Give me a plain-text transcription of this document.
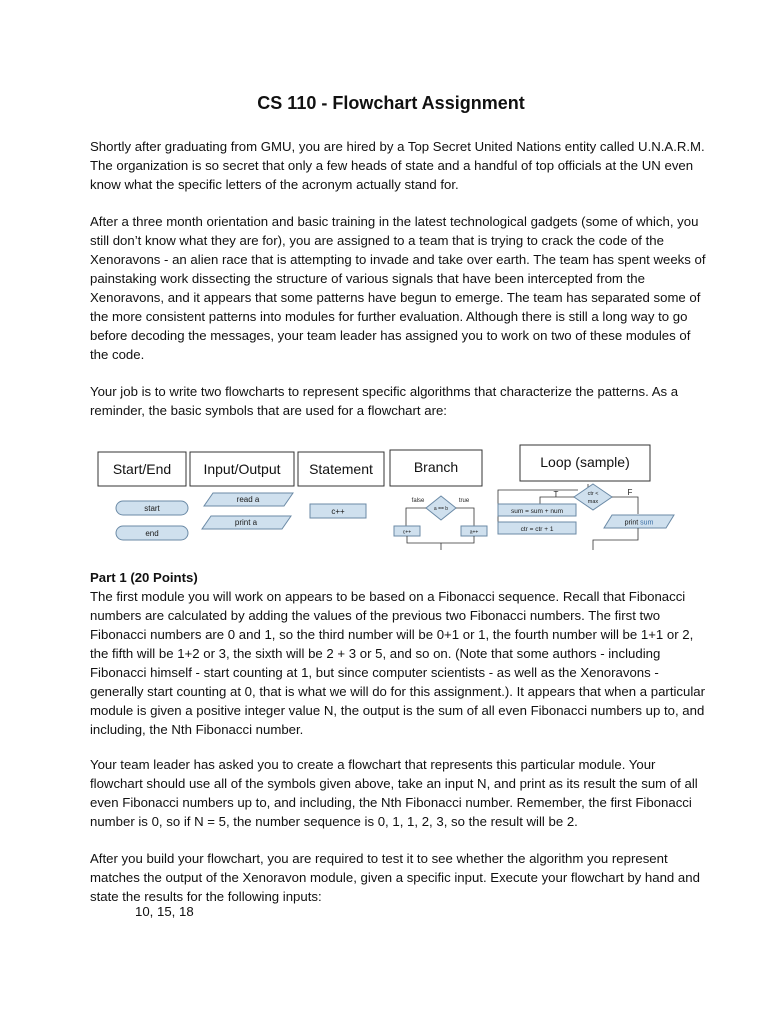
CS 110 - Flowchart Assignment

Shortly after graduating from GMU, you are hired by a Top Secret United Nations entity called U.N.A.R.M. The organization is so secret that only a few heads of state and a handful of top officials at the UN even know what the specific letters of the acronym actually stand for.

After a three month orientation and basic training in the latest technological gadgets (some of which, you still don’t know what they are for), you are assigned to a team that is trying to crack the code of the Xenoravons - an alien race that is attempting to invade and take over earth. The team has spent weeks of painstaking work dissecting the structure of various signals that have been intercepted from the Xenoravons, and it appears that some patterns have begun to emerge. The team has separated some of the more consistent patterns into modules for further evaluation. Although there is still a long way to go before decoding the messages, your team leader has assigned you to work on two of these modules of the code.

Your job is to write two flowcharts to represent specific algorithms that characterize the patterns. As a reminder, the basic symbols that are used for a flowchart are:

Start/End Input/Output Statement	Branch	Loop (sample)
start
end
read a
print a
c++
false	true
a == b
c++	a++
T	F
ctr <
max
sum = sum + num
ctr = ctr + 1
print sum
Part 1 (20 Points)
The first module you will work on appears to be based on a Fibonacci sequence. Recall that Fibonacci numbers are calculated by adding the values of the previous two Fibonacci numbers. The first two Fibonacci numbers are 0 and 1, so the third number will be 0+1 or 1, the fourth number will be 1+1 or 2, the fifth will be 1+2 or 3, the sixth will be 2 + 3 or 5, and so on. (Note that some authors - including Fibonacci himself - start counting at 1, but since computer scientists - as well as the Xenoravons - generally start counting at 0, that is what we will do for this assignment.). It appears that when a particular module is given a positive integer value N, the output is the sum of all even Fibonacci numbers up to, and including, the Nth Fibonacci number.

Your team leader has asked you to create a flowchart that represents this particular module. Your flowchart should use all of the symbols given above, take an input N, and print as its result the sum of all even Fibonacci numbers up to, and including, the Nth Fibonacci number. Remember, the first Fibonacci number is 0, so if N = 5, the number sequence is 0, 1, 1, 2, 3, so the result will be 2.

After you build your flowchart, you are required to test it to see whether the algorithm you represent matches the output of the Xenoravon module, given a specific input. Execute your flowchart by hand and state the results for the following inputs:

10, 15, 18
